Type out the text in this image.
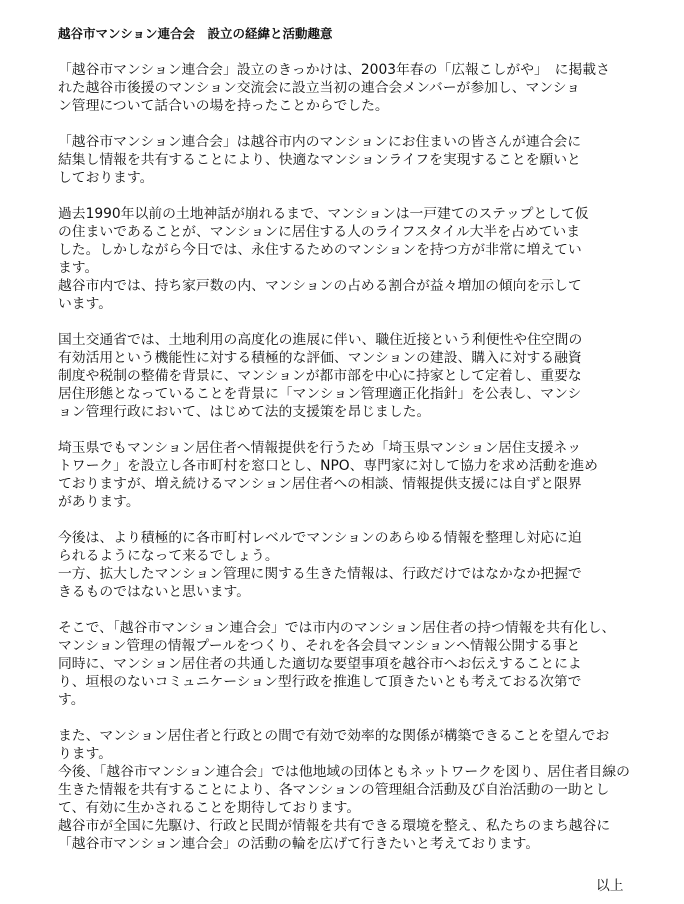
越谷市マンション連合会　設立の経緯と活動趣意
「越谷市マンション連合会」設立のきっかけは、2003年春の「広報こしがや」　に掲載さ
れた越谷市後援のマンション交流会に設立当初の連合会メンバーが参加し、マンショ
ン管理について話合いの場を持ったことからでした。
「越谷市マンション連合会」は越谷市内のマンションにお住まいの皆さんが連合会に
結集し情報を共有することにより、快適なマンションライフを実現することを願いと
しております。
過去1990年以前の土地神話が崩れるまで、マンションは一戸建てのステップとして仮
の住まいであることが、マンションに居住する人のライフスタイル大半を占めていま
した。しかしながら今日では、永住するためのマンションを持つ方が非常に増えてい
ます。
越谷市内では、持ち家戸数の内、マンションの占める割合が益々増加の傾向を示して
います。
国土交通省では、土地利用の高度化の進展に伴い、職住近接という利便性や住空間の
有効活用という機能性に対する積極的な評価、マンションの建設、購入に対する融資
制度や税制の整備を背景に、マンションが都市部を中心に持家として定着し、重要な
居住形態となっていることを背景に「マンション管理適正化指針」を公表し、マンシ
ョン管理行政において、はじめて法的支援策を昂じました。
埼玉県でもマンション居住者へ情報提供を行うため「埼玉県マンション居住支援ネッ
トワーク」を設立し各市町村を窓口とし、NPO、専門家に対して協力を求め活動を進め
ておりますが、増え続けるマンション居住者への相談、情報提供支援には自ずと限界
があります。
今後は、より積極的に各市町村レベルでマンションのあらゆる情報を整理し対応に迫
られるようになって来るでしょう。
一方、拡大したマンション管理に関する生きた情報は、行政だけではなかなか把握で
きるものではないと思います。
そこで、「越谷市マンション連合会」では市内のマンション居住者の持つ情報を共有化し、
マンション管理の情報プールをつくり、それを各会員マンションへ情報公開する事と
同時に、マンション居住者の共通した適切な要望事項を越谷市へお伝えすることによ
り、垣根のないコミュニケーション型行政を推進して頂きたいとも考えておる次第で
す。
また、マンション居住者と行政との間で有効で効率的な関係が構築できることを望んでお
ります。
今後、「越谷市マンション連合会」では他地域の団体ともネットワークを図り、居住者目線の
生きた情報を共有することにより、各マンションの管理組合活動及び自治活動の一助とし
て、有効に生かされることを期待しております。
越谷市が全国に先駆け、行政と民間が情報を共有できる環境を整え、私たちのまち越谷に
「越谷市マンション連合会」の活動の輪を広げて行きたいと考えております。
以上
